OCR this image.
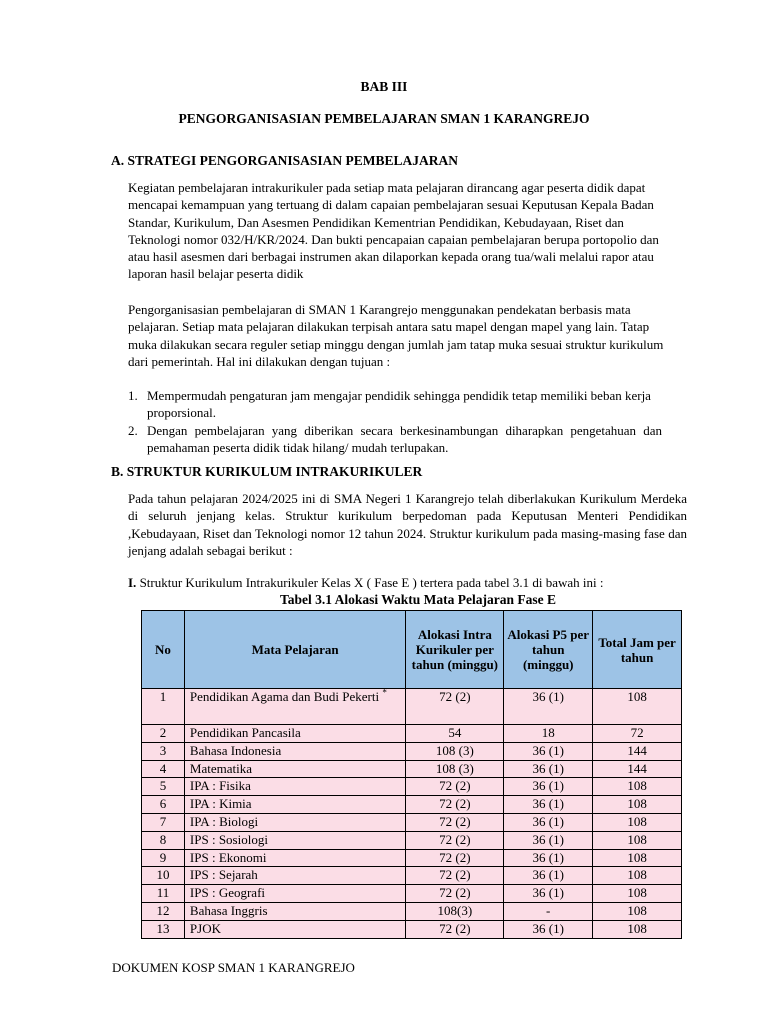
BAB III
PENGORGANISASIAN PEMBELAJARAN SMAN 1 KARANGREJO
A. STRATEGI PENGORGANISASIAN PEMBELAJARAN

Kegiatan pembelajaran intrakurikuler pada setiap mata pelajaran dirancang agar peserta didik dapat mencapai kemampuan yang tertuang di dalam capaian pembelajaran sesuai Keputusan Kepala Badan Standar, Kurikulum, Dan Asesmen Pendidikan Kementrian Pendidikan, Kebudayaan, Riset dan Teknologi nomor 032/H/KR/2024. Dan bukti pencapaian capaian pembelajaran berupa portopolio dan atau hasil asesmen dari berbagai instrumen akan dilaporkan kepada orang tua/wali melalui rapor atau laporan hasil belajar peserta didik

Pengorganisasian pembelajaran di SMAN 1 Karangrejo menggunakan pendekatan berbasis mata pelajaran. Setiap mata pelajaran dilakukan terpisah antara satu mapel dengan mapel yang lain. Tatap muka dilakukan secara reguler setiap minggu dengan jumlah jam tatap muka sesuai struktur kurikulum dari pemerintah. Hal ini dilakukan dengan tujuan :

1. Mempermudah pengaturan jam mengajar pendidik sehingga pendidik tetap memiliki beban kerja proporsional.
2. Dengan pembelajaran yang diberikan secara berkesinambungan diharapkan pengetahuan dan pemahaman peserta didik tidak hilang/ mudah terlupakan.
B. STRUKTUR KURIKULUM INTRAKURIKULER

Pada tahun pelajaran 2024/2025 ini di SMA Negeri 1 Karangrejo telah diberlakukan Kurikulum Merdeka di seluruh jenjang kelas. Struktur kurikulum berpedoman pada Keputusan Menteri Pendidikan ,Kebudayaan, Riset dan Teknologi nomor 12 tahun 2024. Struktur kurikulum pada masing-masing fase dan jenjang adalah sebagai berikut :

I. Struktur Kurikulum Intrakurikuler Kelas X ( Fase E ) tertera pada tabel 3.1 di bawah ini :
Tabel 3.1 Alokasi Waktu Mata Pelajaran Fase E
No	Mata Pelajaran	Alokasi Intra Kurikuler per tahun (minggu)	Alokasi P5 per tahun (minggu)	Total Jam per tahun
1	Pendidikan Agama dan Budi Pekerti *	72 (2)	36 (1)	108
2	Pendidikan Pancasila	54	18	72
3	Bahasa Indonesia	108 (3)	36 (1)	144
4	Matematika	108 (3)	36 (1)	144
5	IPA : Fisika	72 (2)	36 (1)	108
6	IPA : Kimia	72 (2)	36 (1)	108
7	IPA : Biologi	72 (2)	36 (1)	108
8	IPS : Sosiologi	72 (2)	36 (1)	108
9	IPS : Ekonomi	72 (2)	36 (1)	108
10	IPS : Sejarah	72 (2)	36 (1)	108
11	IPS : Geografi	72 (2)	36 (1)	108
12	Bahasa Inggris	108(3)	-	108
13	PJOK	72 (2)	36 (1)	108
DOKUMEN KOSP SMAN 1 KARANGREJO
